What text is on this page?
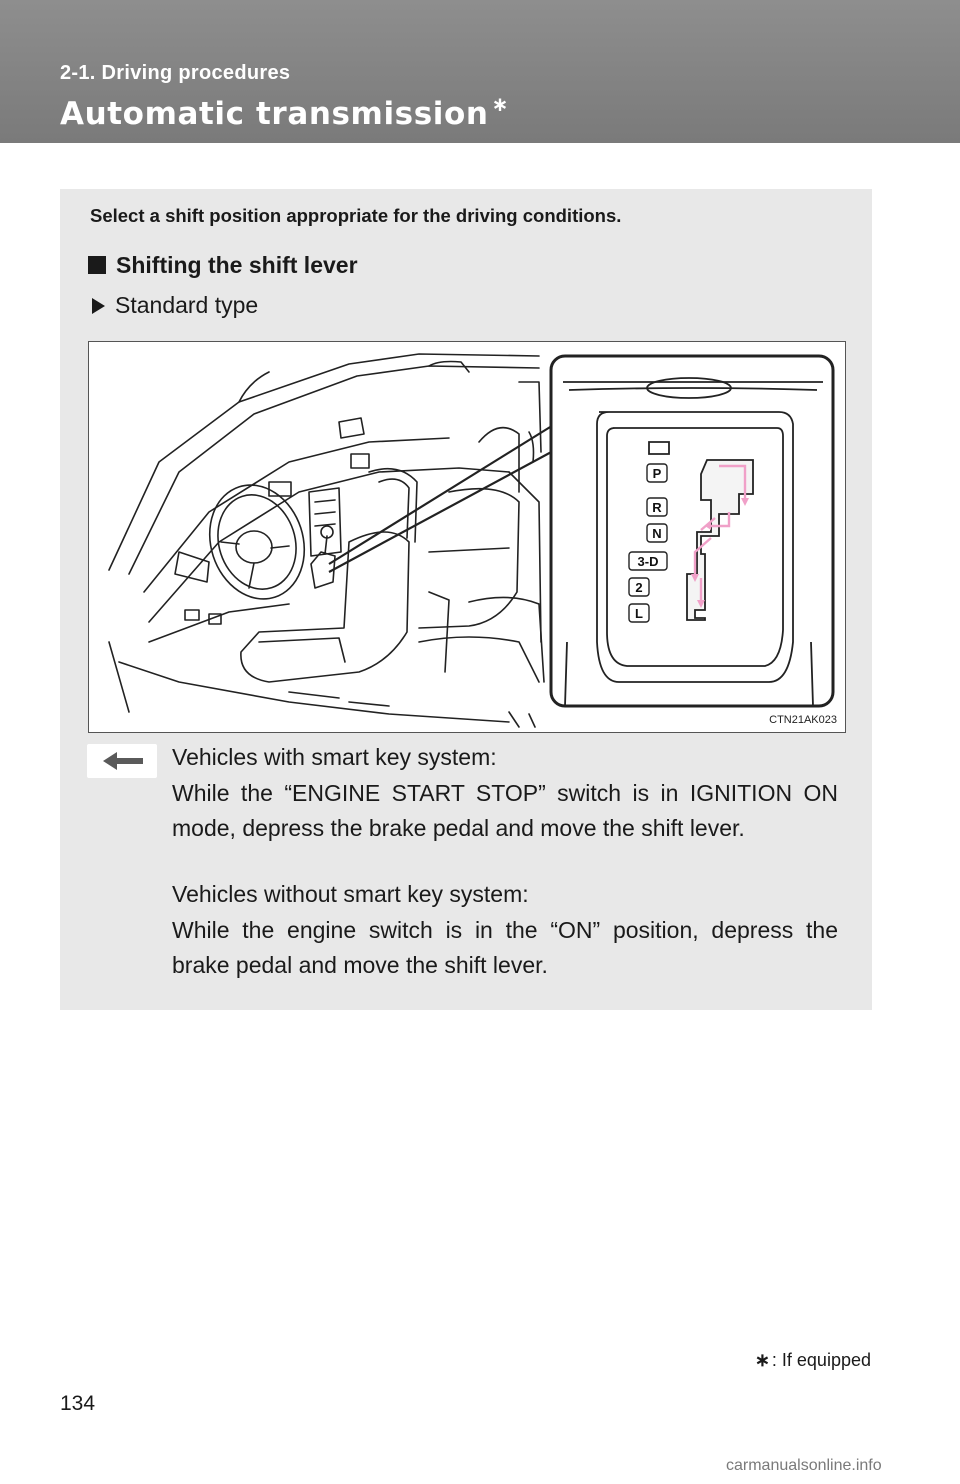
2-1. Driving procedures
Automatic transmission ∗
Select a shift position appropriate for the driving conditions.
Shifting the shift lever
Standard type
P
R
N
3-D
2
L
CTN21AK023

Vehicles with smart key system:

While the “ENGINE START STOP” switch is in IGNITION ON mode, depress the brake pedal and move the shift lever.

Vehicles without smart key system:

While the engine switch is in the “ON” position, depress the brake pedal and move the shift lever.

∗ : If equipped
134
carmanualsonline.info
